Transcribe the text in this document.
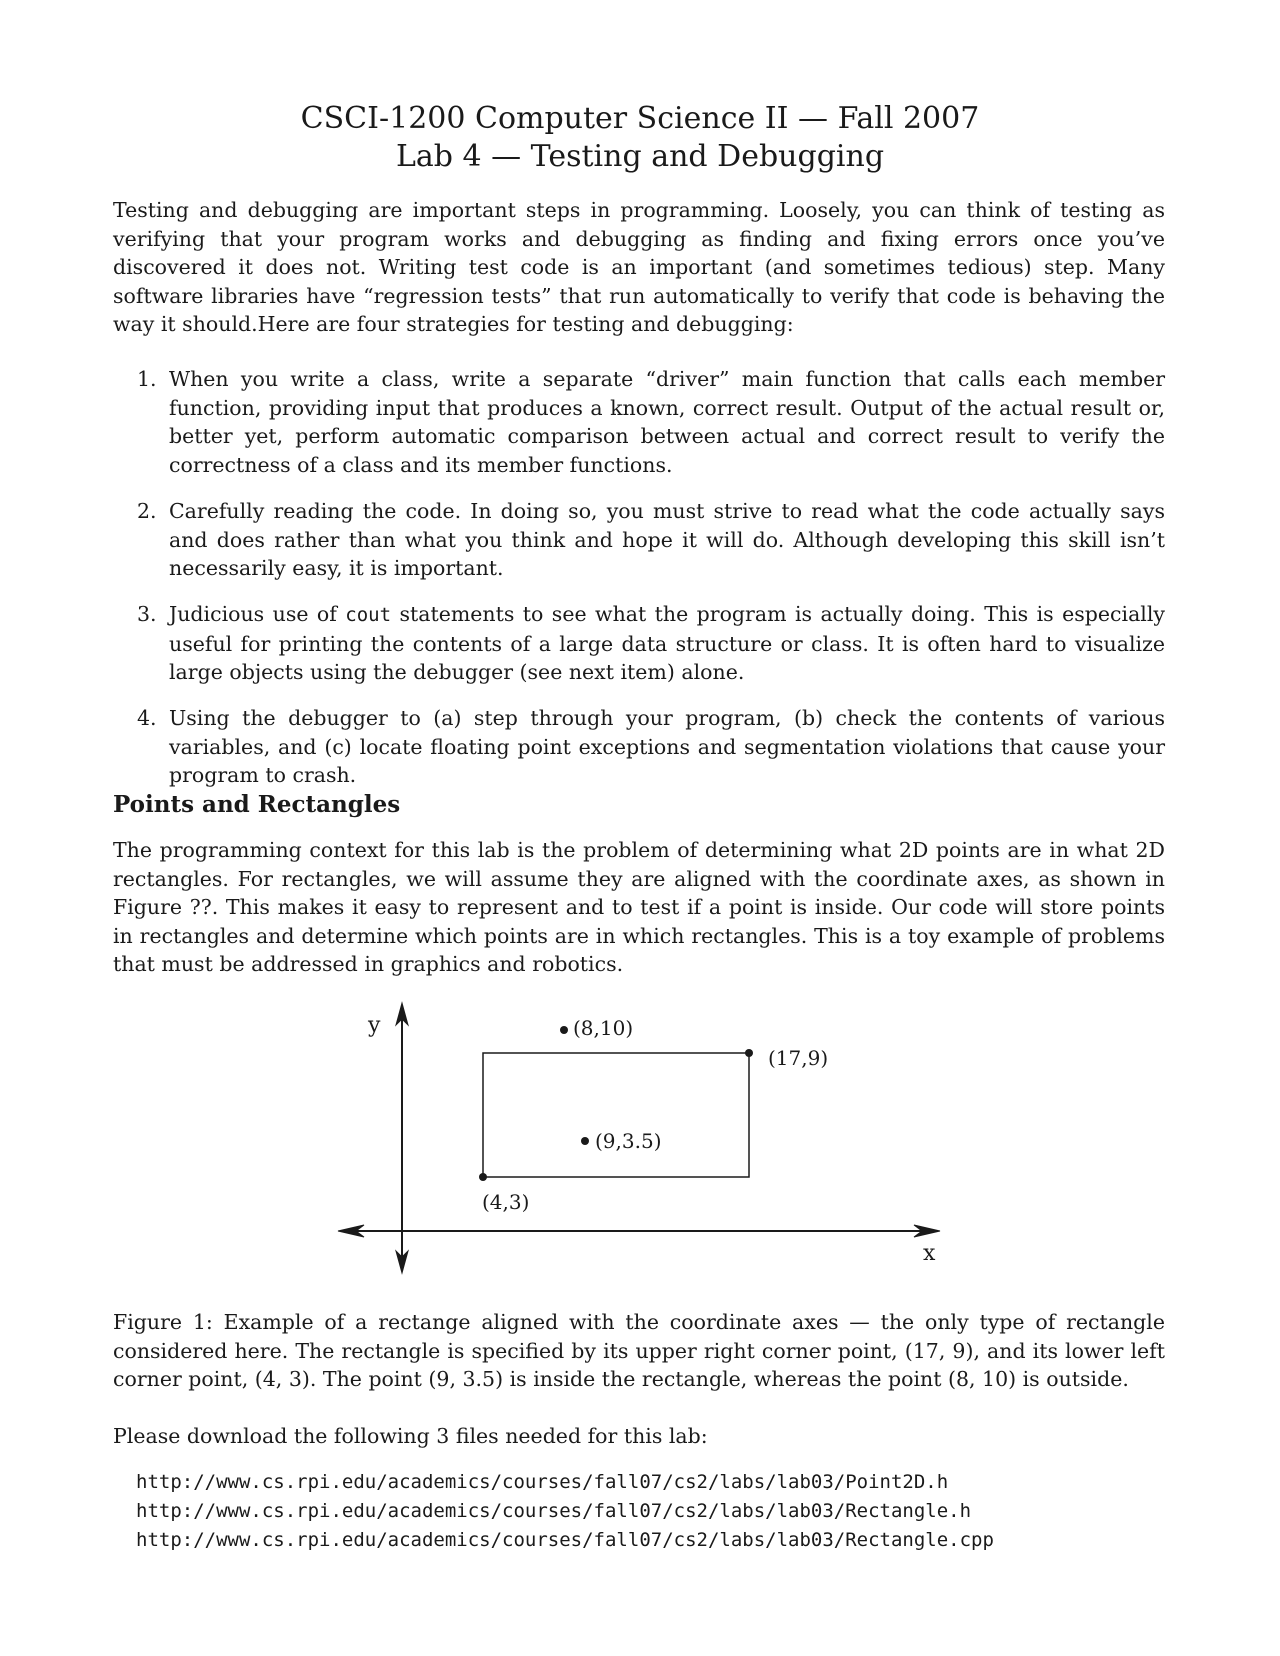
CSCI-1200 Computer Science II — Fall 2007
Lab 4 — Testing and Debugging

Testing and debugging are important steps in programming. Loosely, you can think of testing as verifying that your program works and debugging as finding and fixing errors once you’ve discovered it does not. Writing test code is an important (and sometimes tedious) step. Many software libraries have “regression tests” that run automatically to verify that code is behaving the way it should.Here are four strategies for testing and debugging:

1. When you write a class, write a separate “driver” main function that calls each member function, providing input that produces a known, correct result. Output of the actual result or, better yet, perform automatic comparison between actual and correct result to verify the correctness of a class and its member functions.

2. Carefully reading the code. In doing so, you must strive to read what the code actually says and does rather than what you think and hope it will do. Although developing this skill isn’t necessarily easy, it is important.

3. Judicious use of cout statements to see what the program is actually doing. This is especially useful for printing the contents of a large data structure or class. It is often hard to visualize large objects using the debugger (see next item) alone.

4. Using the debugger to (a) step through your program, (b) check the contents of various variables, and (c) locate floating point exceptions and segmentation violations that cause your program to crash.

Points and Rectangles

The programming context for this lab is the problem of determining what 2D points are in what 2D rectangles. For rectangles, we will assume they are aligned with the coordinate axes, as shown in Figure ??. This makes it easy to represent and to test if a point is inside. Our code will store points in rectangles and determine which points are in which rectangles. This is a toy example of problems that must be addressed in graphics and robotics.

y
x
(8,10)
(17,9)
(9,3.5)
(4,3)

Figure 1: Example of a rectange aligned with the coordinate axes — the only type of rectangle considered here. The rectangle is specified by its upper right corner point, (17, 9), and its lower left corner point, (4, 3). The point (9, 3.5) is inside the rectangle, whereas the point (8, 10) is outside.

Please download the following 3 files needed for this lab:

http://www.cs.rpi.edu/academics/courses/fall07/cs2/labs/lab03/Point2D.h
http://www.cs.rpi.edu/academics/courses/fall07/cs2/labs/lab03/Rectangle.h
http://www.cs.rpi.edu/academics/courses/fall07/cs2/labs/lab03/Rectangle.cpp
